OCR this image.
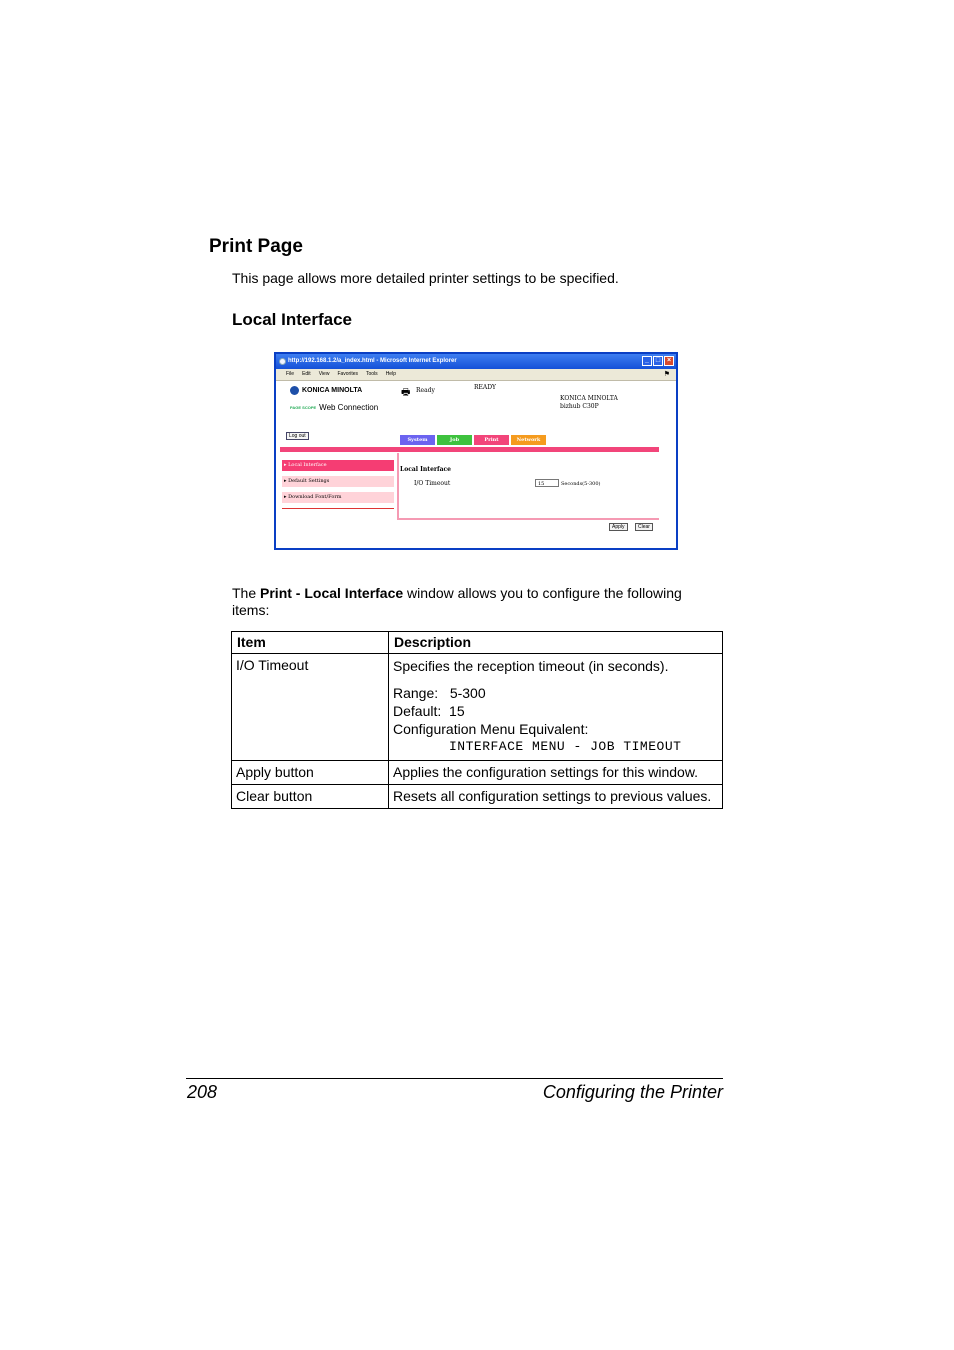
Print Page
This page allows more detailed printer settings to be specified.
Local Interface
http://192.168.1.2/a_index.html - Microsoft Internet Explorer	_ □ ×
File Edit View Favorites Tools Help	⚑
KONICA MINOLTA
PAGE SCOPE Web Connection
🖶 Ready	READY
KONICA MINOLTA
bizhub C30P
Log out
System	Job	Print	Network
▸ Local Interface
▸ Default Settings
▸ Download Font/Form
Local Interface
I/O Timeout	15	Seconds(5-300)
Apply	Clear
The Print - Local Interface window allows you to configure the following items:
Item	Description
I/O Timeout	Specifies the reception timeout (in seconds).
Range:   5-300
Default:  15
Configuration Menu Equivalent:
INTERFACE MENU - JOB TIMEOUT

Apply button	Applies the configuration settings for this window.
Clear button	Resets all configuration settings to previous values.
208	Configuring the Printer
